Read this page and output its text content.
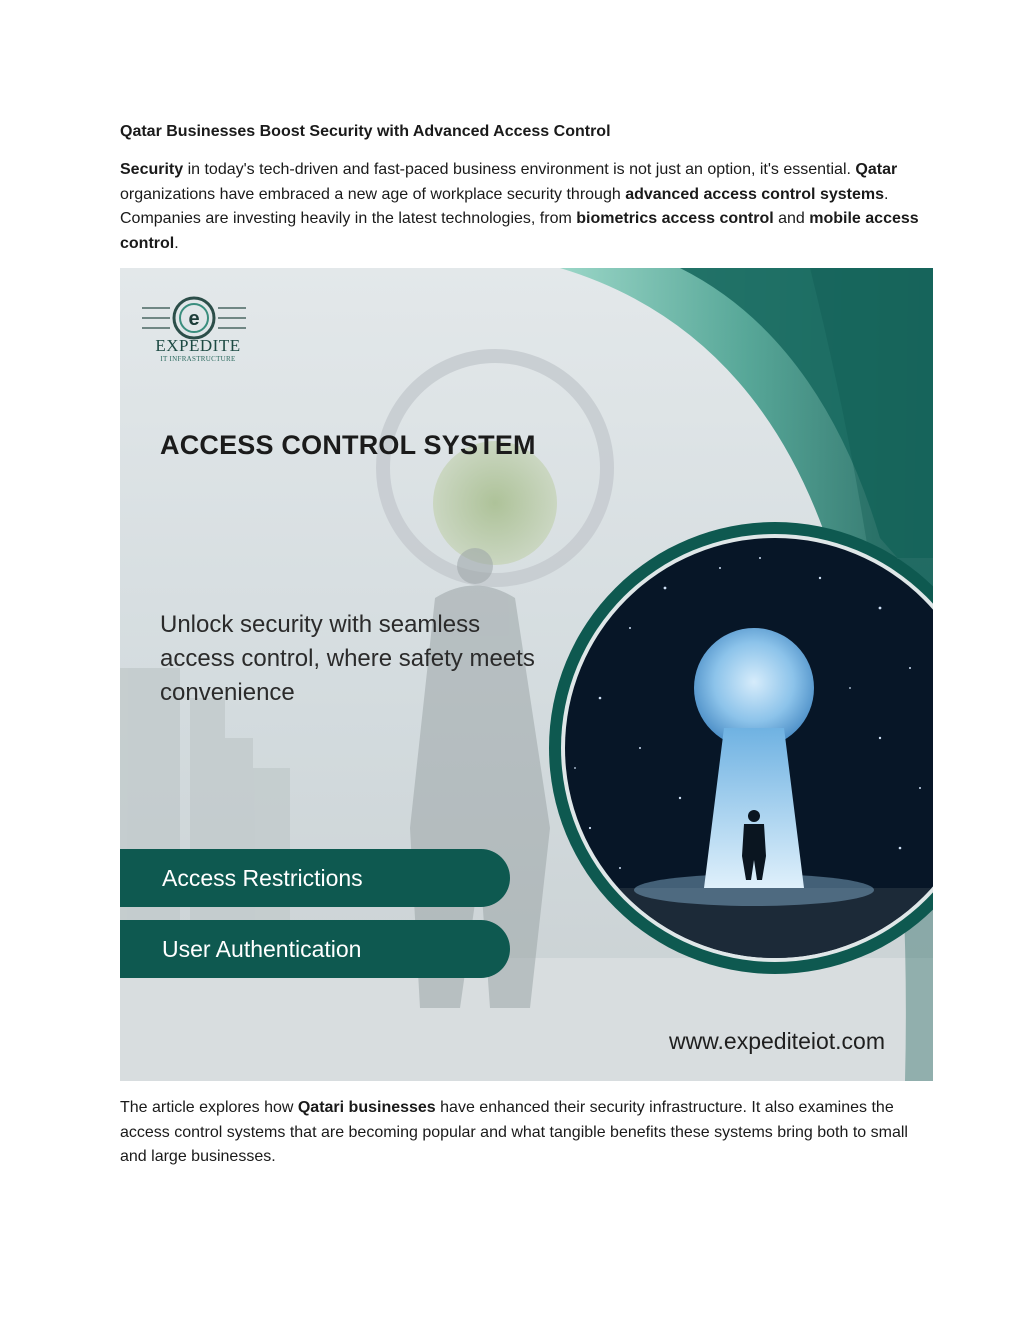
Qatar Businesses Boost Security with Advanced Access Control

Security in today's tech-driven and fast-paced business environment is not just an option, it's essential. Qatar organizations have embraced a new age of workplace security through advanced access control systems. Companies are investing heavily in the latest technologies, from biometrics access control and mobile access control.

e
EXPEDITE
IT INFRASTRUCTURE
ACCESS CONTROL SYSTEM
Unlock security with seamless access control, where safety meets convenience
Access Restrictions
User Authentication
www.expediteiot.com

The article explores how Qatari businesses have enhanced their security infrastructure. It also examines the access control systems that are becoming popular and what tangible benefits these systems bring both to small and large businesses.
